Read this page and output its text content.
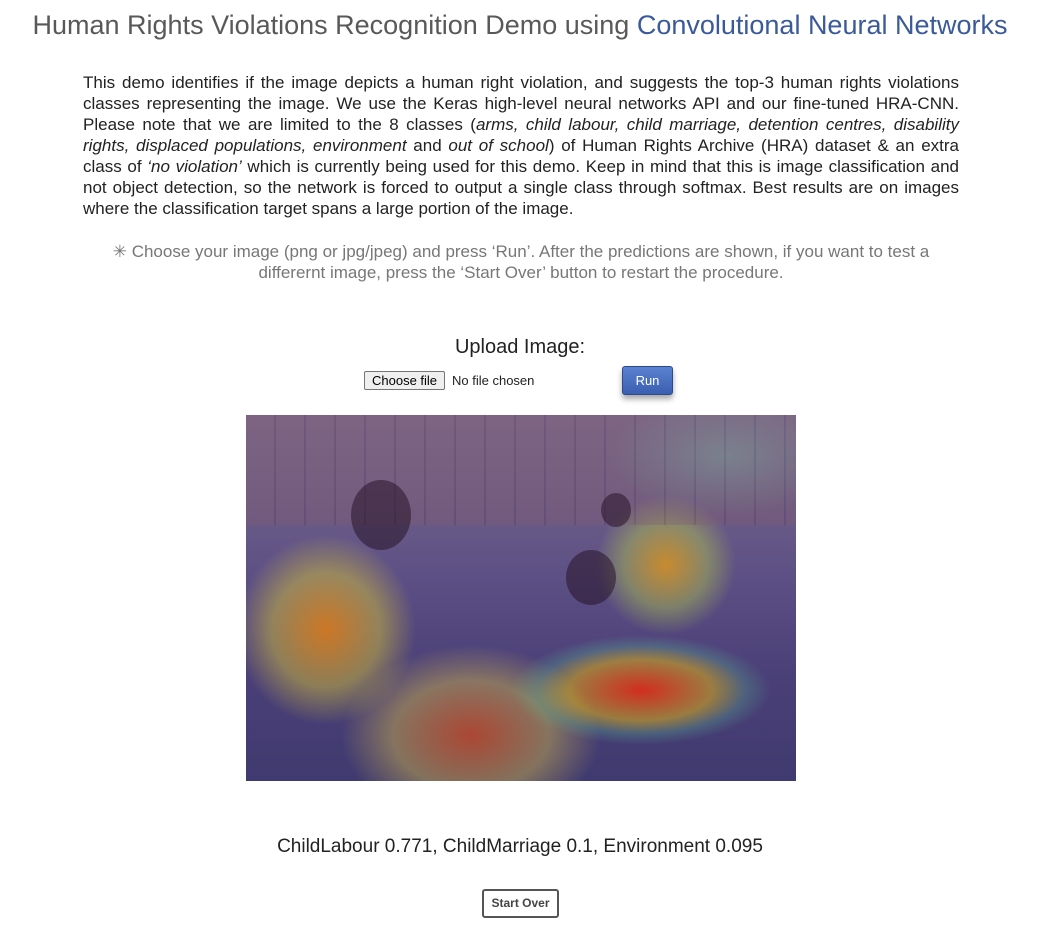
Human Rights Violations Recognition Demo using Convolutional Neural Networks
This demo identifies if the image depicts a human right violation, and suggests the top-3 human rights violations classes representing the image. We use the Keras high-level neural networks API and our fine-tuned HRA-CNN. Please note that we are limited to the 8 classes (arms, child labour, child marriage, detention centres, disability rights, displaced populations, environment and out of school) of Human Rights Archive (HRA) dataset & an extra class of ‘no violation’ which is currently being used for this demo. Keep in mind that this is image classification and not object detection, so the network is forced to output a single class through softmax. Best results are on images where the classification target spans a large portion of the image.
✳ Choose your image (png or jpg/jpeg) and press ‘Run’. After the predictions are shown, if you want to test a differernt image, press the ‘Start Over’ button to restart the procedure.
Upload Image:
Choose file	No file chosen	Run
ChildLabour 0.771, ChildMarriage 0.1, Environment 0.095
Start Over
